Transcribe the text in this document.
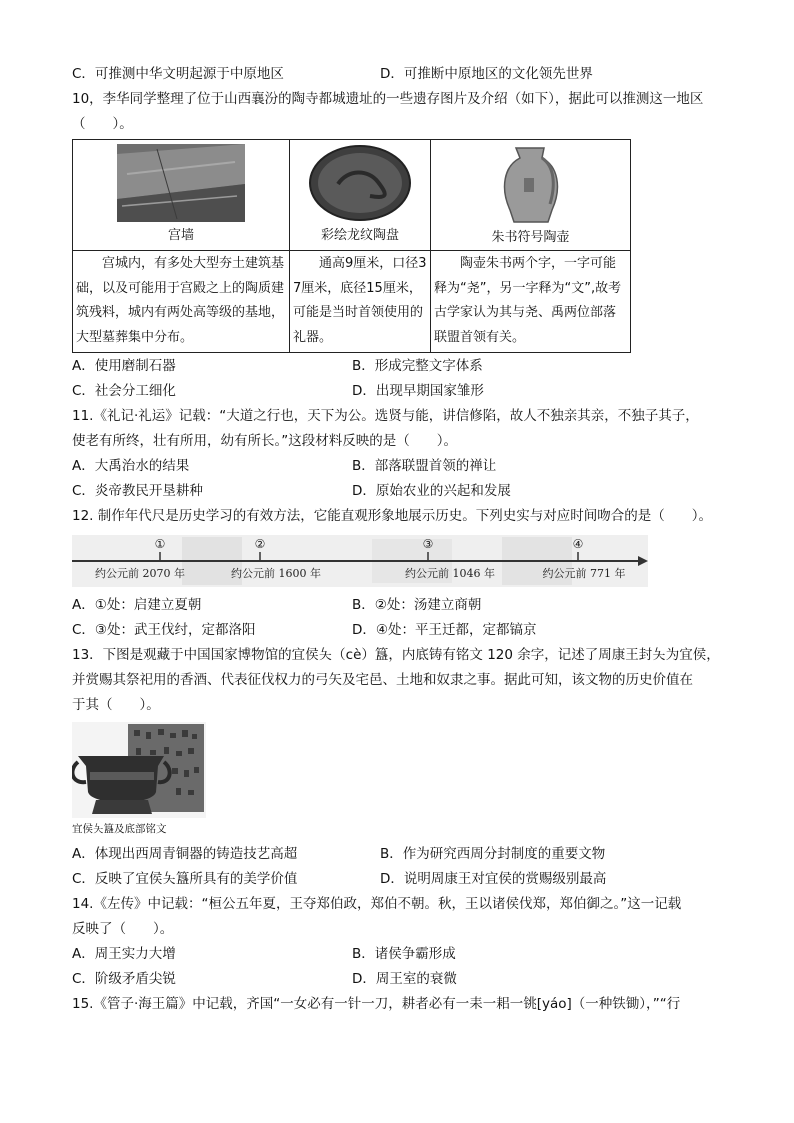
C．可推测中华文明起源于中原地区	D．可推断中原地区的文化领先世界
10，李华同学整理了位于山西襄汾的陶寺都城遗址的一些遗存图片及介绍（如下），据此可以推测这一地区
（　　）。
宫墙	彩绘龙纹陶盘	朱书符号陶壶

宫城内，有多处大型夯土建筑基础，以及可能用于宫殿之上的陶质建筑残料，城内有两处高等级的基地，大型墓葬集中分布。	通高9厘米，口径37厘米，底径15厘米，可能是当时首领使用的礼器。	陶壶朱书两个字，一字可能释为“尧”，另一字释为“文”,故考古学家认为其与尧、禹两位部落联盟首领有关。
A．使用磨制石器	B．形成完整文字体系
C．社会分工细化	D．出现早期国家雏形
11.《礼记·礼运》记载：“大道之行也，天下为公。选贤与能，讲信修陷，故人不独亲其亲，不独子其子，
使老有所终，壮有所用，幼有所长。”这段材料反映的是（　　）。
A．大禹治水的结果	B．部落联盟首领的禅让
C．炎帝教民开垦耕种	D．原始农业的兴起和发展
12. 制作年代尺是历史学习的有效方法，它能直观形象地展示历史。下列史实与对应时间吻合的是（　　）。
①
约公元前 2070 年
②
约公元前 1600 年
③
约公元前 1046 年
④
约公元前 771 年
A．①处：启建立夏朝	B．②处：汤建立商朝
C．③处：武王伐纣，定都洛阳	D．④处：平王迁都，定都镐京
13．下图是观藏于中国国家博物馆的宜侯夨（cè）簋，内底铸有铭文 120 余字，记述了周康王封夨为宜侯，
并赏赐其祭祀用的香酒、代表征伐权力的弓矢及宅邑、土地和奴隶之事。据此可知，该文物的历史价值在
于其（　　）。
宜侯夨簋及底部铭文
A．体现出西周青铜器的铸造技艺高超	B．作为研究西周分封制度的重要文物
C．反映了宜侯夨簋所具有的美学价值	D．说明周康王对宜侯的赏赐级别最高
14.《左传》中记载：“桓公五年夏，王夺郑伯政，郑伯不朝。秋，王以诸侯伐郑，郑伯御之。”这一记载
反映了（　　）。
A．周王实力大增	B．诸侯争霸形成
C．阶级矛盾尖锐	D．周王室的衰微
15.《管子·海王篇》中记载，齐国“一女必有一针一刀，耕者必有一耒一耜一铫[yáo]（一种铁锄），”“行
